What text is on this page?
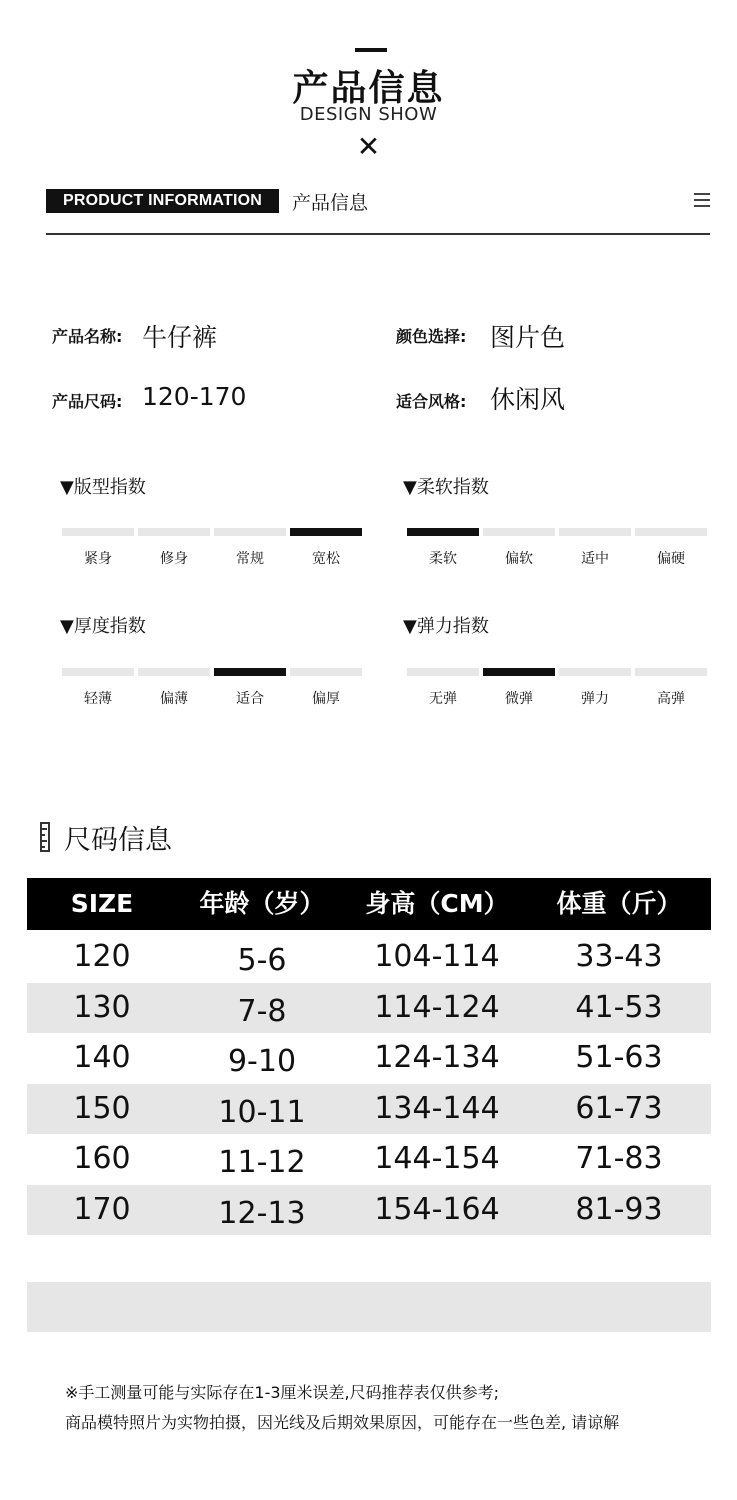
产品信息
DESIGN SHOW
✕
PRODUCT INFORMATION	产品信息
产品名称: 牛仔裤	颜色选择: 图片色
产品尺码: 120-170	适合风格: 休闲风
▼版型指数	▼柔软指数
▼厚度指数	▼弹力指数
紧身	修身	常规	宽松	柔软	偏软	适中	偏硬
轻薄	偏薄	适合	偏厚	无弹	微弹	弹力	高弹
尺码信息
SIZE	年龄（岁）	身高（CM）	体重（斤）
120	5-6	104-114	33-43
130	7-8	114-124	41-53
140	9-10	124-134	51-63
150	10-11	134-144	61-73
160	11-12	144-154	71-83
170	12-13	154-164	81-93
※手工测量可能与实际存在1-3厘米误差,尺码推荐表仅供参考;
商品模特照片为实物拍摄，因光线及后期效果原因，可能存在一些色差, 请谅解
